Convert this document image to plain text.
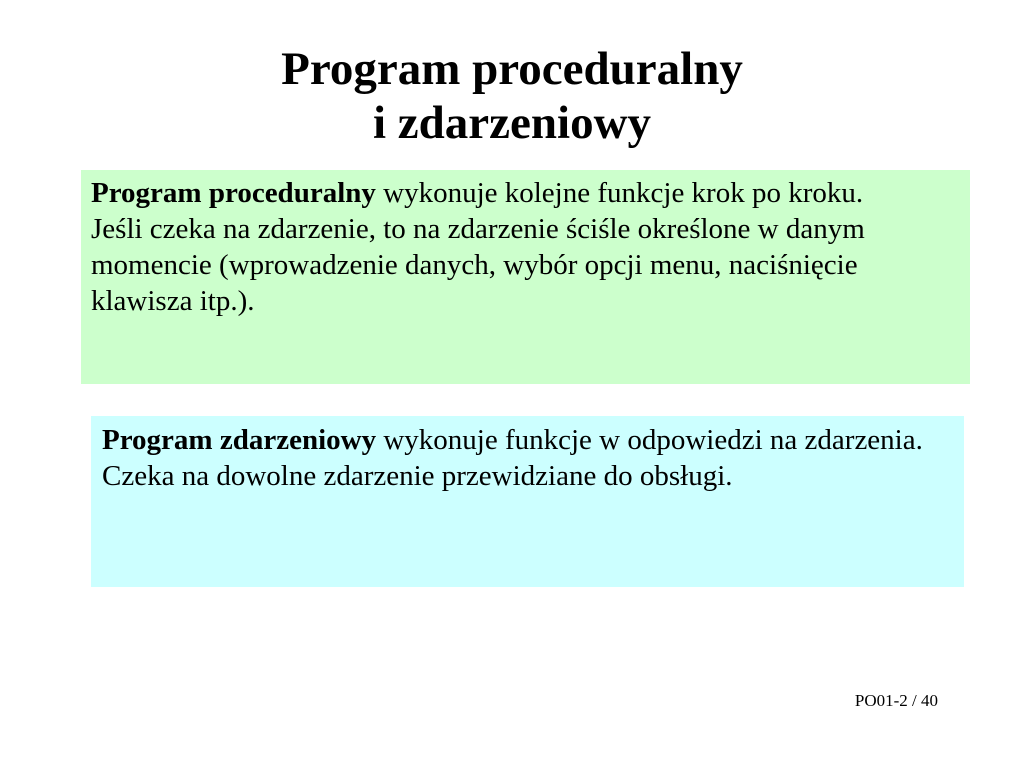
Program proceduralny
i zdarzeniowy

Program proceduralny wykonuje kolejne funkcje krok po kroku.

Jeśli czeka na zdarzenie, to na zdarzenie ściśle określone w danym momencie (wprowadzenie danych, wybór opcji menu, naciśnięcie klawisza itp.).

Program zdarzeniowy wykonuje funkcje w odpowiedzi na zdarzenia.

Czeka na dowolne zdarzenie przewidziane do obsługi.

PO01-2 / 40
